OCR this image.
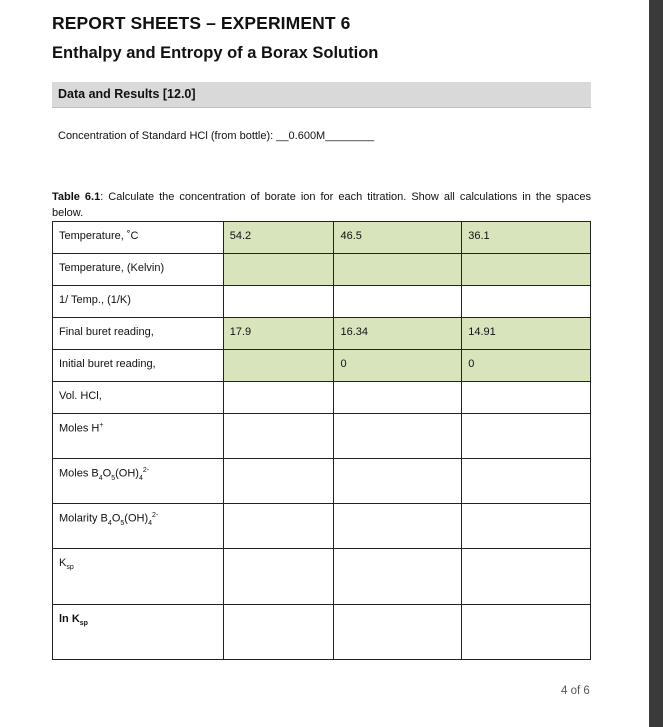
REPORT SHEETS – EXPERIMENT 6
Enthalpy and Entropy of a Borax Solution
Data and Results [12.0]
Concentration of Standard HCl (from bottle): __0.600M________
Table 6.1: Calculate the concentration of borate ion for each titration. Show all calculations in the spaces below.
Temperature, ˚C	54.2	46.5	36.1
Temperature, (Kelvin)			
1/ Temp., (1/K)			
Final buret reading,	17.9	16.34	14.91
Initial buret reading,		0	0
Vol. HCl,			
Moles H+			
Moles $B_4O_5(OH)_4^{2-}$			
Molarity $B_4O_5(OH)_4^{2-}$			
$K_{sp}$			
$\ln K_{sp}$			
4 of 6
